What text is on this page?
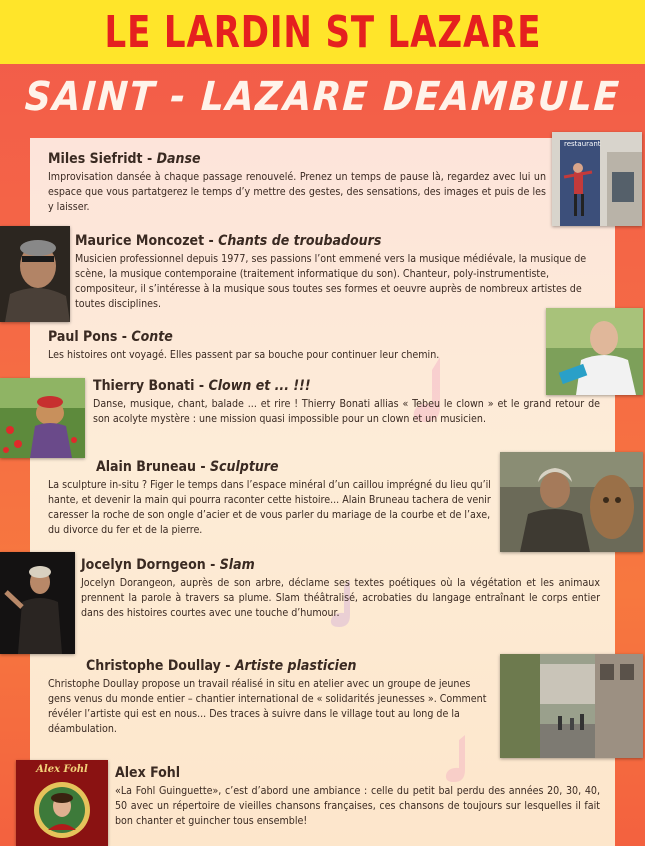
LE LARDIN ST LAZARE
SAINT - LAZARE DEAMBULE
Miles Siefridt - Danse
Improvisation dansée à chaque passage renouvelé. Prenez un temps de pause là, regardez avec lui un espace que vous partatgerez le temps d’y mettre des gestes, des sensations, des images et puis de les y laisser.
restaurant
Maurice Moncozet - Chants de troubadours
Musicien professionnel depuis 1977, ses passions l’ont emmené vers la musique médiévale, la musique de scène, la musique contemporaine (traitement informatique du son). Chanteur, poly-instrumentiste, compositeur, il s’intéresse à la musique sous toutes ses formes et oeuvre auprès de nombreux artistes de toutes disciplines.
Paul Pons - Conte
Les histoires ont voyagé. Elles passent par sa bouche pour continuer leur chemin.
Thierry Bonati - Clown et ... !!!
Danse, musique, chant, balade ... et rire ! Thierry Bonati allias « Tebeu le clown » et le grand retour de son acolyte mystère : une mission quasi impossible pour un clown et un musicien.
Alain Bruneau - Sculpture
La sculpture in-situ ? Figer le temps dans l’espace minéral d’un caillou imprégné du lieu qu’il hante, et devenir la main qui pourra raconter cette histoire... Alain Bruneau tachera de venir caresser la roche de son ongle d’acier et de vous parler du mariage de la courbe et de l’axe, du divorce du fer et de la pierre.
Jocelyn Dorngeon - Slam
Jocelyn Dorangeon, auprès de son arbre, déclame ses textes poétiques où la végétation et les animaux prennent la parole à travers sa plume. Slam théâtralisé, acrobaties du langage entraînant le corps entier dans des histoires courtes avec une touche d’humour.
Christophe Doullay - Artiste plasticien
Christophe Doullay propose un travail réalisé in situ en atelier avec un groupe de jeunes gens venus du monde entier – chantier international de « solidarités jeunesses ». Comment révéler l’artiste qui est en nous... Des traces à suivre dans le village tout au long de la déambulation.
Alex Fohl	Alex Fohl
«La Fohl Guinguette», c’est d’abord une ambiance : celle du petit bal perdu des années 20, 30, 40, 50 avec un répertoire de vieilles chansons françaises, ces chansons de toujours sur lesquelles il fait bon chanter et guincher tous ensemble!
